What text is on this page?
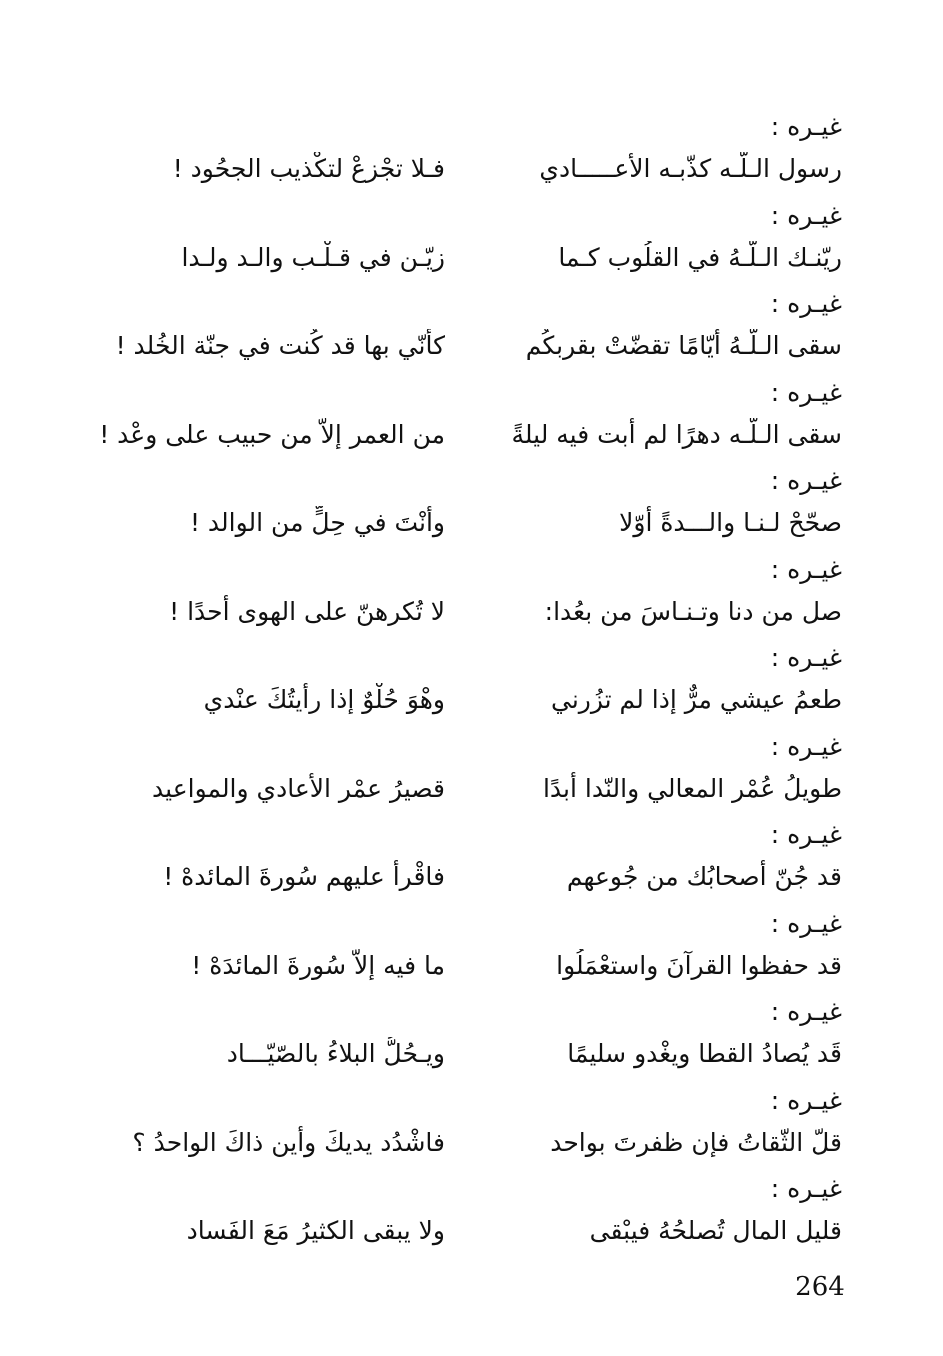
غيـره :
رسول الـلّـه كذّبـه الأعـــــادي
فـلا تجْزعْ لتكْذيب الجحُود !
غيـره :
ريّنـك الـلّـهُ في القلُوب كـما
زيّـن في قـلْـب والـد ولـدا
غيـره :
سقى الـلّـهُ أيّامًا تقضّتْ بقربكُم
كأنّي بها قد كُنت في جنّة الخُلد !
غيـره :
سقى الـلّـه دهرًا لم أبت فيه ليلةً
من العمر إلاّ من حبيب على وعْد !
غيـره :
صحّحْ لـنـا والـــدةً أوّلا
وأنْتَ في حِلٍّ من الوالد !
غيـره :
صل من دنا وتـنـاسَ من بعُدا:
لا تُكرهنّ على الهوى أحدًا !
غيـره :
طعمُ عيشي مرٌّ إذا لم تزُرني
وهْوَ حُلْوٌ إذا رأيتُكَ عنْدي
غيـره :
طويلُ عُمْر المعالي والنّدا أبدًا
قصيرُ عمْر الأعادي والمواعيد
غيـره :
قد جُنّ أصحابُك من جُوعهم
فاقْرأ عليهم سُورةَ المائدهْ !
غيـره :
قد حفظوا القرآنَ واستعْمَلُوا
ما فيه إلاّ سُورةَ المائدَهْ !
غيـره :
قَد يُصادُ القطا ويغْدو سليمًا
ويـحُلُّ البلاءُ بالصّيّـــاد
غيـره :
قلّ الثّقاتُ فإن ظفرتَ بواحد
فاشْدُد يديكَ وأين ذاكَ الواحدُ ؟
غيـره :
قليل المال تُصلحُهُ فيبْقى
ولا يبقى الكثيرُ مَعَ الفَساد
264
